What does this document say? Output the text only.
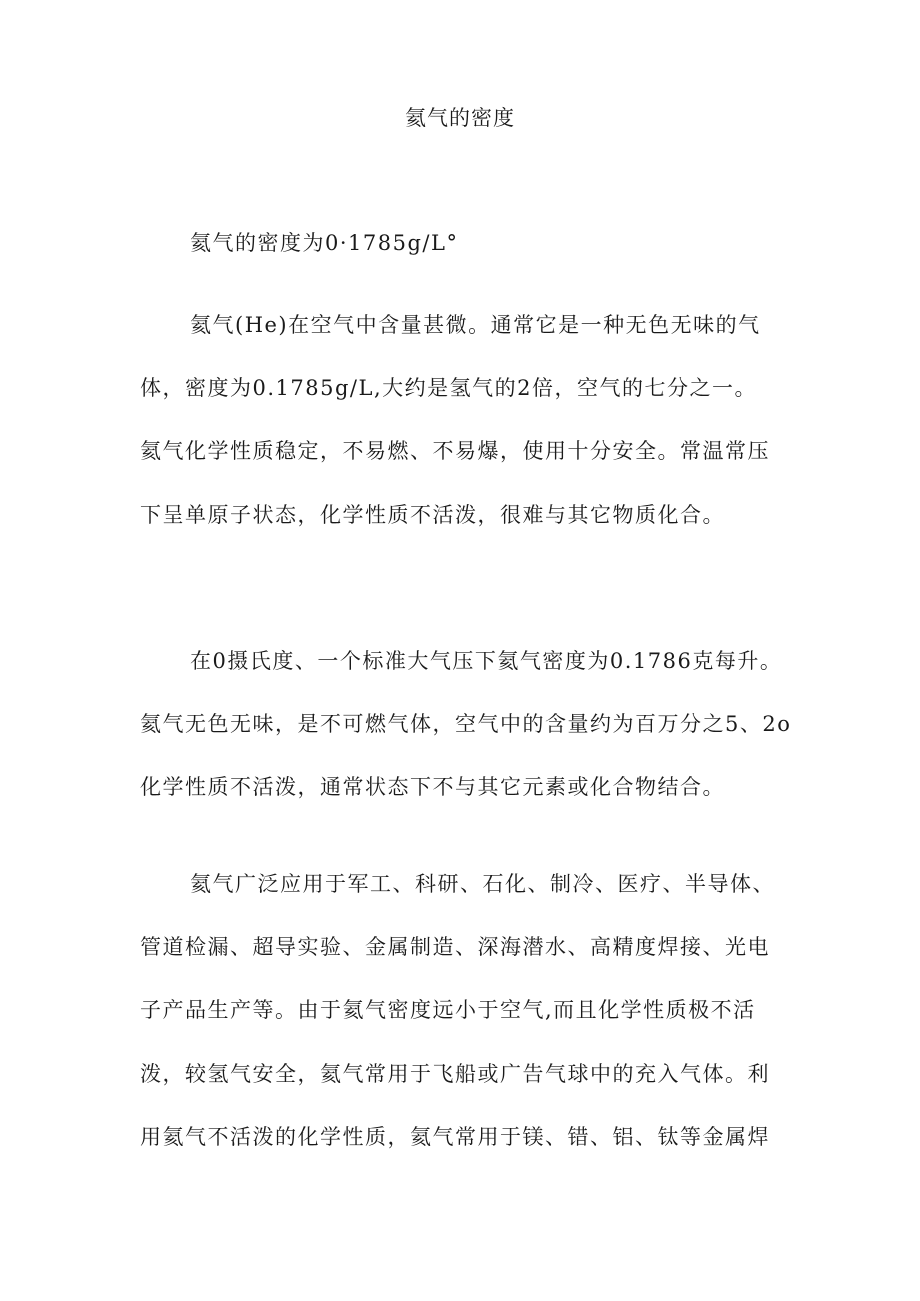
氦气的密度
氦气的密度为0·1785g/L°
氦气(He)在空气中含量甚微。通常它是一种无色无味的气
体，密度为0.1785g/L,大约是氢气的2倍，空气的七分之一。
氦气化学性质稳定，不易燃、不易爆，使用十分安全。常温常压
下呈单原子状态，化学性质不活泼，很难与其它物质化合。
在0摄氏度、一个标准大气压下氦气密度为0.1786克每升。
氦气无色无味，是不可燃气体，空气中的含量约为百万分之5、2o
化学性质不活泼，通常状态下不与其它元素或化合物结合。
氦气广泛应用于军工、科研、石化、制冷、医疗、半导体、
管道检漏、超导实验、金属制造、深海潜水、高精度焊接、光电
子产品生产等。由于氦气密度远小于空气,而且化学性质极不活
泼，较氢气安全，氦气常用于飞船或广告气球中的充入气体。利
用氦气不活泼的化学性质，氦气常用于镁、错、铝、钛等金属焊
